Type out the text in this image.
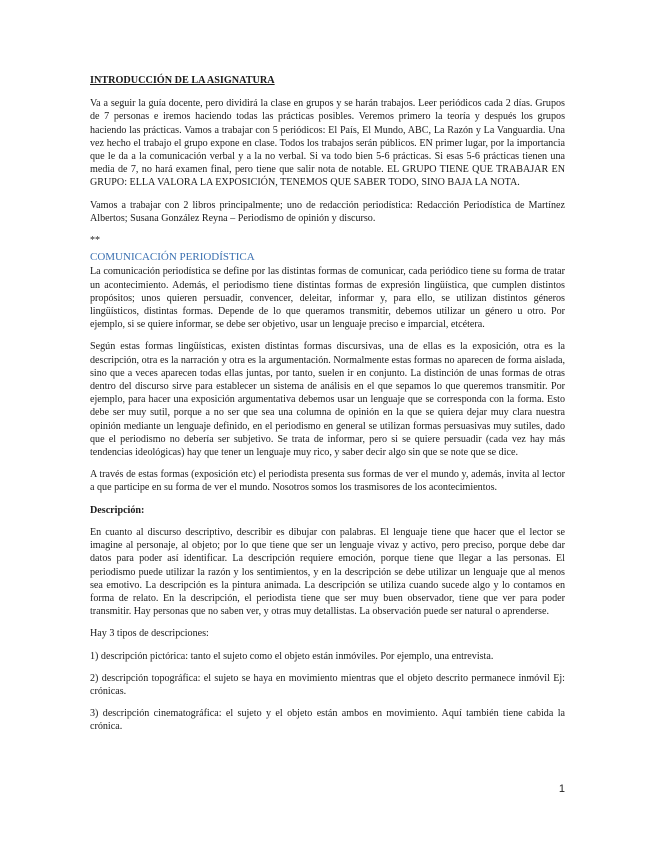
INTRODUCCIÓN DE LA ASIGNATURA

Va a seguir la guía docente, pero dividirá la clase en grupos y se harán trabajos. Leer periódicos cada 2 días. Grupos de 7 personas e iremos haciendo todas las prácticas posibles. Veremos primero la teoría y después los grupos haciendo las prácticas. Vamos a trabajar con 5 periódicos: El País, El Mundo, ABC, La Razón y La Vanguardia. Una vez hecho el trabajo el grupo expone en clase. Todos los trabajos serán públicos. EN primer lugar, por la importancia que le da a la comunicación verbal y a la no verbal. Si va todo bien 5-6 prácticas. Si esas 5-6 prácticas tienen una media de 7, no hará examen final, pero tiene que salir nota de notable. EL GRUPO TIENE QUE TRABAJAR EN GRUPO: ELLA VALORA LA EXPOSICIÓN, TENEMOS QUE SABER TODO, SINO BAJA LA NOTA.

Vamos a trabajar con 2 libros principalmente; uno de redacción periodística: Redacción Periodística de Martínez Albertos; Susana González Reyna – Periodismo de opinión y discurso.

**

COMUNICACIÓN PERIODÍSTICA

La comunicación periodística se define por las distintas formas de comunicar, cada periódico tiene su forma de tratar un acontecimiento. Además, el periodismo tiene distintas formas de expresión lingüística, que cumplen distintos propósitos; unos quieren persuadir, convencer, deleitar, informar y, para ello, se utilizan distintos géneros lingüísticos, distintas formas. Depende de lo que queramos transmitir, debemos utilizar un género u otro. Por ejemplo, si se quiere informar, se debe ser objetivo, usar un lenguaje preciso e imparcial, etcétera.

Según estas formas lingüísticas, existen distintas formas discursivas, una de ellas es la exposición, otra es la descripción, otra es la narración y otra es la argumentación. Normalmente estas formas no aparecen de forma aislada, sino que a veces aparecen todas ellas juntas, por tanto, suelen ir en conjunto. La distinción de unas formas de otras dentro del discurso sirve para establecer un sistema de análisis en el que sepamos lo que queremos transmitir. Por ejemplo, para hacer una exposición argumentativa debemos usar un lenguaje que se corresponda con la forma. Esto debe ser muy sutil, porque a no ser que sea una columna de opinión en la que se quiera dejar muy clara nuestra opinión mediante un lenguaje definido, en el periodismo en general se utilizan formas persuasivas muy sutiles, dado que el periodismo no debería ser subjetivo. Se trata de informar, pero si se quiere persuadir (cada vez hay más tendencias ideológicas) hay que tener un lenguaje muy rico, y saber decir algo sin que se note que se dice.

A través de estas formas (exposición etc) el periodista presenta sus formas de ver el mundo y, además, invita al lector a que participe en su forma de ver el mundo. Nosotros somos los trasmisores de los acontecimientos.

Descripción:

En cuanto al discurso descriptivo, describir es dibujar con palabras. El lenguaje tiene que hacer que el lector se imagine al personaje, al objeto; por lo que tiene que ser un lenguaje vivaz y activo, pero preciso, porque debe dar datos para poder así identificar. La descripción requiere emoción, porque tiene que llegar a las personas. El periodismo puede utilizar la razón y los sentimientos, y en la descripción se debe utilizar un lenguaje que al menos sea emotivo. La descripción es la pintura animada. La descripción se utiliza cuando sucede algo y lo contamos en forma de relato. En la descripción, el periodista tiene que ser muy buen observador, tiene que ver para poder transmitir. Hay personas que no saben ver, y otras muy detallistas. La observación puede ser natural o aprenderse.

Hay 3 tipos de descripciones:

1) descripción pictórica: tanto el sujeto como el objeto están inmóviles. Por ejemplo, una entrevista.

2) descripción topográfica: el sujeto se haya en movimiento mientras que el objeto descrito permanece inmóvil Ej: crónicas.

3) descripción cinematográfica: el sujeto y el objeto están ambos en movimiento. Aquí también tiene cabida la crónica.

1
